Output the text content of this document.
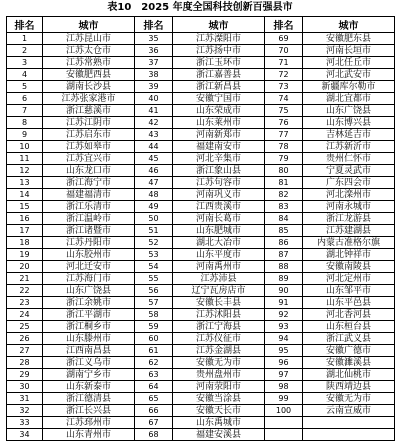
表10 2025 年度全国科技创新百强县市
排名	城市	排名	城市	排名	城市
1	江苏昆山市	35	江苏溧阳市	69	安徽肥东县
2	江苏太仓市	36	江苏扬中市	70	河南长垣市
3	江苏常熟市	37	浙江玉环市	71	河北任丘市
4	安徽肥西县	38	浙江嘉善县	72	河北武安市
5	湖南长沙县	39	浙江新昌县	73	新疆库尔勒市
6	江苏张家港市	40	安徽宁国市	74	湖北宜都市
7	浙江慈溪市	41	山东荣成市	75	山东广饶县
8	江苏江阴市	42	山东莱州市	76	山东博兴县
9	江苏启东市	43	河南新郑市	77	吉林延吉市
10	江苏如皋市	44	福建南安市	78	江苏新沂市
11	江苏宜兴市	45	河北辛集市	79	贵州仁怀市
12	山东龙口市	46	浙江象山县	80	宁夏灵武市
13	浙江海宁市	47	江苏句容市	81	广东四会市
14	福建福清市	48	河南巩义市	82	河北滦州市
15	浙江乐清市	49	江西贵溪市	83	河南永城市
16	浙江温岭市	50	河南长葛市	84	浙江龙游县
17	浙江诸暨市	51	山东肥城市	85	江苏建湖县
18	江苏丹阳市	52	湖北大冶市	86	内蒙古准格尔旗
19	山东胶州市	53	山东平度市	87	湖北钟祥市
20	河北迁安市	54	河南禹州市	88	安徽南陵县
21	江苏海门市	55	江苏沛县	89	河北定州市
22	山东广饶县	56	辽宁瓦房店市	90	山东邹平市
23	浙江余姚市	57	安徽长丰县	91	山东平邑县
24	浙江平湖市	58	江苏沭阳县	92	河北香河县
25	浙江桐乡市	59	浙江宁海县	93	山东桓台县
26	山东滕州市	60	江苏仪征市	94	浙江武义县
27	江西南昌县	61	江苏金湖县	95	安徽广德市
28	浙江义乌市	62	安徽无为市	96	安徽濉溪县
29	湖南宁乡市	63	贵州盘州市	97	湖北仙桃市
30	山东新泰市	64	河南荥阳市	98	陕西靖边县
31	浙江德清县	65	安徽当涂县	99	安徽无为市
32	浙江长兴县	66	安徽天长市	100	云南宣威市
33	江苏邳州市	67	山东禹城市		
34	山东青州市	68	福建安溪县		
